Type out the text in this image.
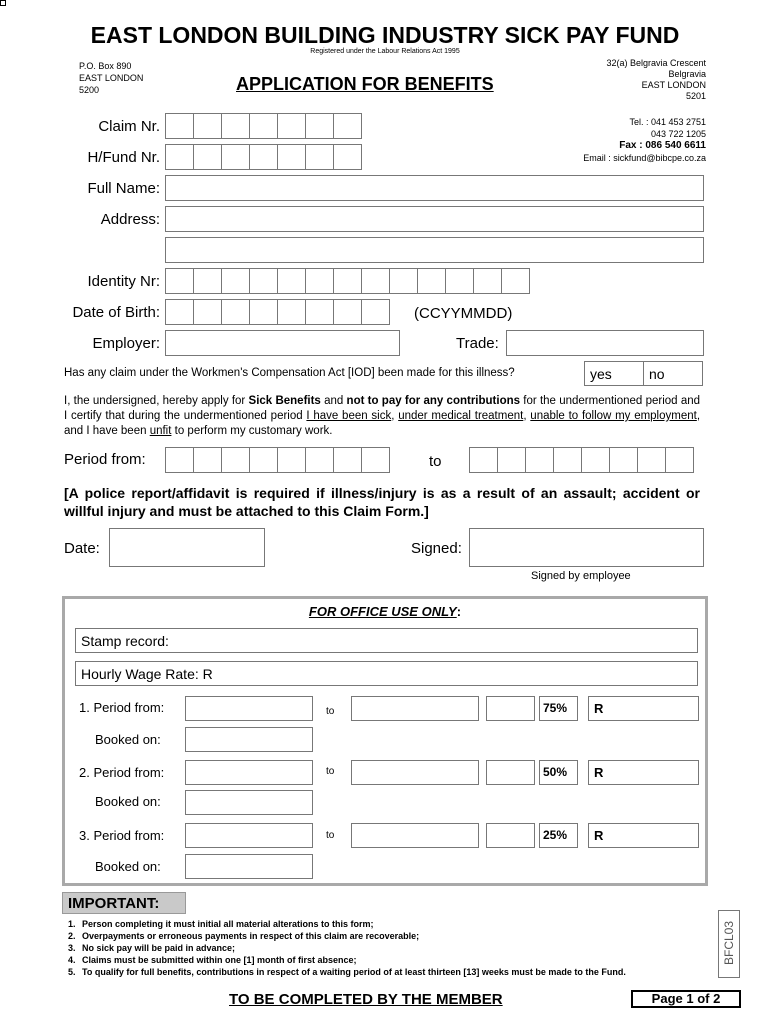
EAST LONDON BUILDING INDUSTRY SICK PAY FUND
Registered under the Labour Relations Act 1995
P.O. Box 890
EAST LONDON
5200	APPLICATION FOR BENEFITS
32(a) Belgravia Crescent
Belgravia
EAST LONDON
5201
Tel. : 041 453 2751
043 722 1205
Fax : 086 540 6611
Email : sickfund@bibcpe.co.za
Claim Nr.
H/Fund Nr.
Full Name:
Address:
Identity Nr:
Date of Birth:	(CCYYMMDD)
Employer:	Trade:
Has any claim under the Workmen's Compensation Act [IOD] been made for this illness?	yes	no
I, the undersigned, hereby apply for Sick Benefits and not to pay for any contributions for the undermentioned period and I certify that during the undermentioned period I have been sick, under medical treatment, unable to follow my employment, and I have been unfit to perform my customary work.
Period from:	to
[A police report/affidavit is required if illness/injury is as a result of an assault; accident or willful injury and must be attached to this Claim Form.]
Date:	Signed:
Signed by employee
FOR OFFICE USE ONLY:
Stamp record:
Hourly Wage Rate: R
1. Period from:	to	75% R
Booked on:
2. Period from:	to	50% R
Booked on:
3. Period from:	to	25% R
Booked on:
IMPORTANT:
1. Person completing it must initial all material alterations to this form;
2. Overpayments or erroneous payments in respect of this claim are recoverable;
3. No sick pay will be paid in advance;
4. Claims must be submitted within one [1] month of first absence;
5. To qualify for full benefits, contributions in respect of a waiting period of at least thirteen [13] weeks must be made to the Fund.
BFCL03
TO BE COMPLETED BY THE MEMBER	Page 1 of 2
